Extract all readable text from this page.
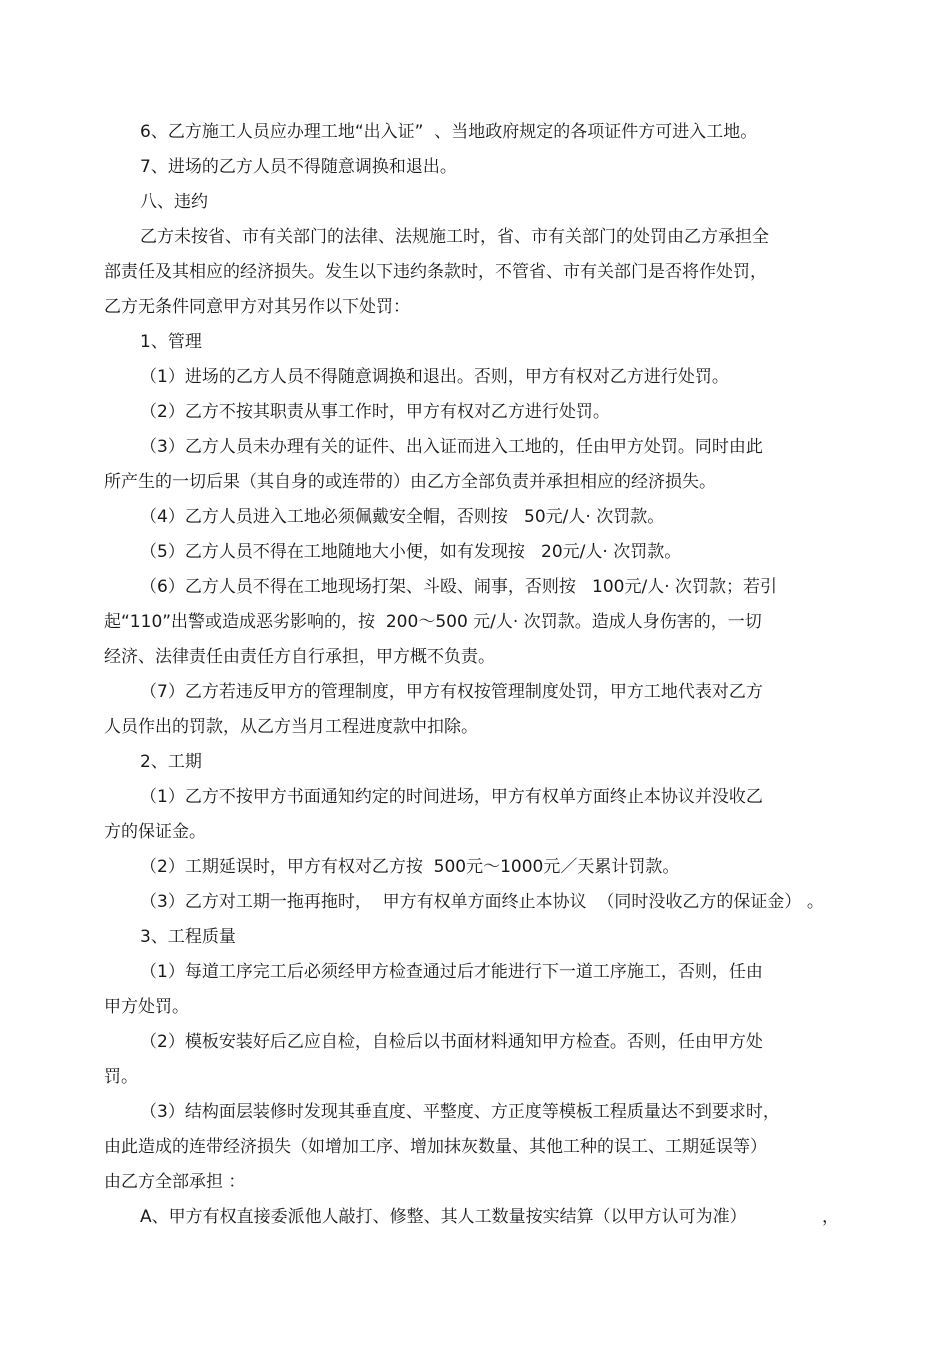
6、乙方施工人员应办理工地“出入证”  、当地政府规定的各项证件方可进入工地。

7、进场的乙方人员不得随意调换和退出。

八、违约

乙方未按省、市有关部门的法律、法规施工时，省、市有关部门的处罚由乙方承担全

部责任及其相应的经济损失。发生以下违约条款时，不管省、市有关部门是否将作处罚，

乙方无条件同意甲方对其另作以下处罚：

1、管理

（1）进场的乙方人员不得随意调换和退出。否则，甲方有权对乙方进行处罚。

（2）乙方不按其职责从事工作时，甲方有权对乙方进行处罚。

（3）乙方人员未办理有关的证件、出入证而进入工地的，任由甲方处罚。同时由此

所产生的一切后果（其自身的或连带的）由乙方全部负责并承担相应的经济损失。

（4）乙方人员进入工地必须佩戴安全帽，否则按   50元/人· 次罚款。

（5）乙方人员不得在工地随地大小便，如有发现按   20元/人· 次罚款。

（6）乙方人员不得在工地现场打架、斗殴、闹事，否则按   100元/人· 次罚款；若引

起“110”出警或造成恶劣影响的，按  200～500 元/人· 次罚款。造成人身伤害的，一切

经济、法律责任由责任方自行承担，甲方概不负责。

（7）乙方若违反甲方的管理制度，甲方有权按管理制度处罚，甲方工地代表对乙方

人员作出的罚款，从乙方当月工程进度款中扣除。

2、工期

（1）乙方不按甲方书面通知约定的时间进场，甲方有权单方面终止本协议并没收乙

方的保证金。

（2）工期延误时，甲方有权对乙方按  500元～1000元／天累计罚款。

（3）乙方对工期一拖再拖时，  甲方有权单方面终止本协议  （同时没收乙方的保证金） 。

3、工程质量

（1）每道工序完工后必须经甲方检查通过后才能进行下一道工序施工，否则，任由

甲方处罚。

（2）模板安装好后乙应自检，自检后以书面材料通知甲方检查。否则，任由甲方处

罚。

（3）结构面层装修时发现其垂直度、平整度、方正度等模板工程质量达不到要求时，

由此造成的连带经济损失（如增加工序、增加抹灰数量、其他工种的误工、工期延误等）

由乙方全部承担 ：

A、甲方有权直接委派他人敲打、修整、其人工数量按实结算（以甲方认可为准）	，
